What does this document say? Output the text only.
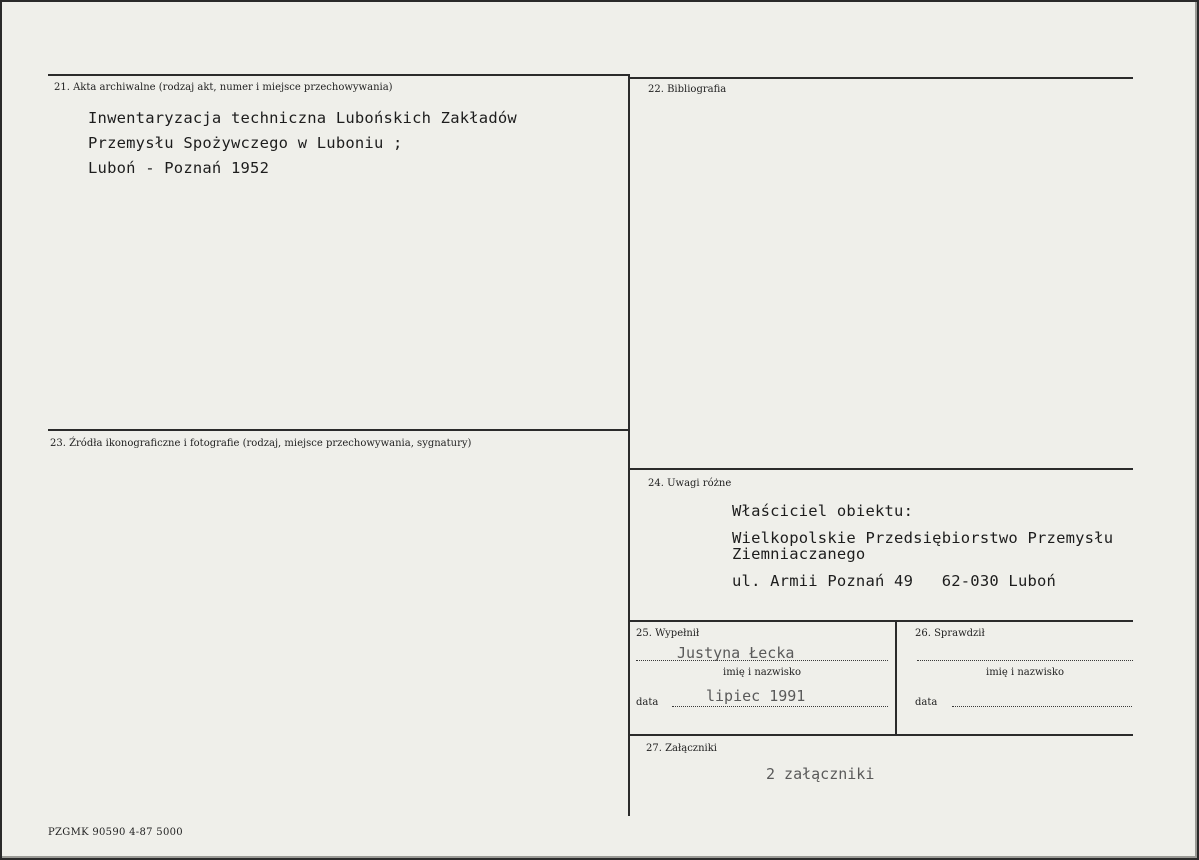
21. Akta archiwalne (rodzaj akt, numer i miejsce przechowywania)
Inwentaryzacja techniczna Lubońskich Zakładów
Przemysłu Spożywczego w Luboniu ;
Luboń - Poznań 1952
22. Bibliografia
23. Źródła ikonograficzne i fotografie (rodzaj, miejsce przechowywania, sygnatury)
24. Uwagi różne
Właściciel obiektu:
Wielkopolskie Przedsiębiorstwo Przemysłu
Ziemniaczanego
ul. Armii Poznań 49   62-030 Luboń
25. Wypełnił
Justyna Łecka
imię i nazwisko
data	lipiec 1991
26. Sprawdził
imię i nazwisko
data
27. Załączniki
2 załączniki
PZGMK 90590 4-87 5000
